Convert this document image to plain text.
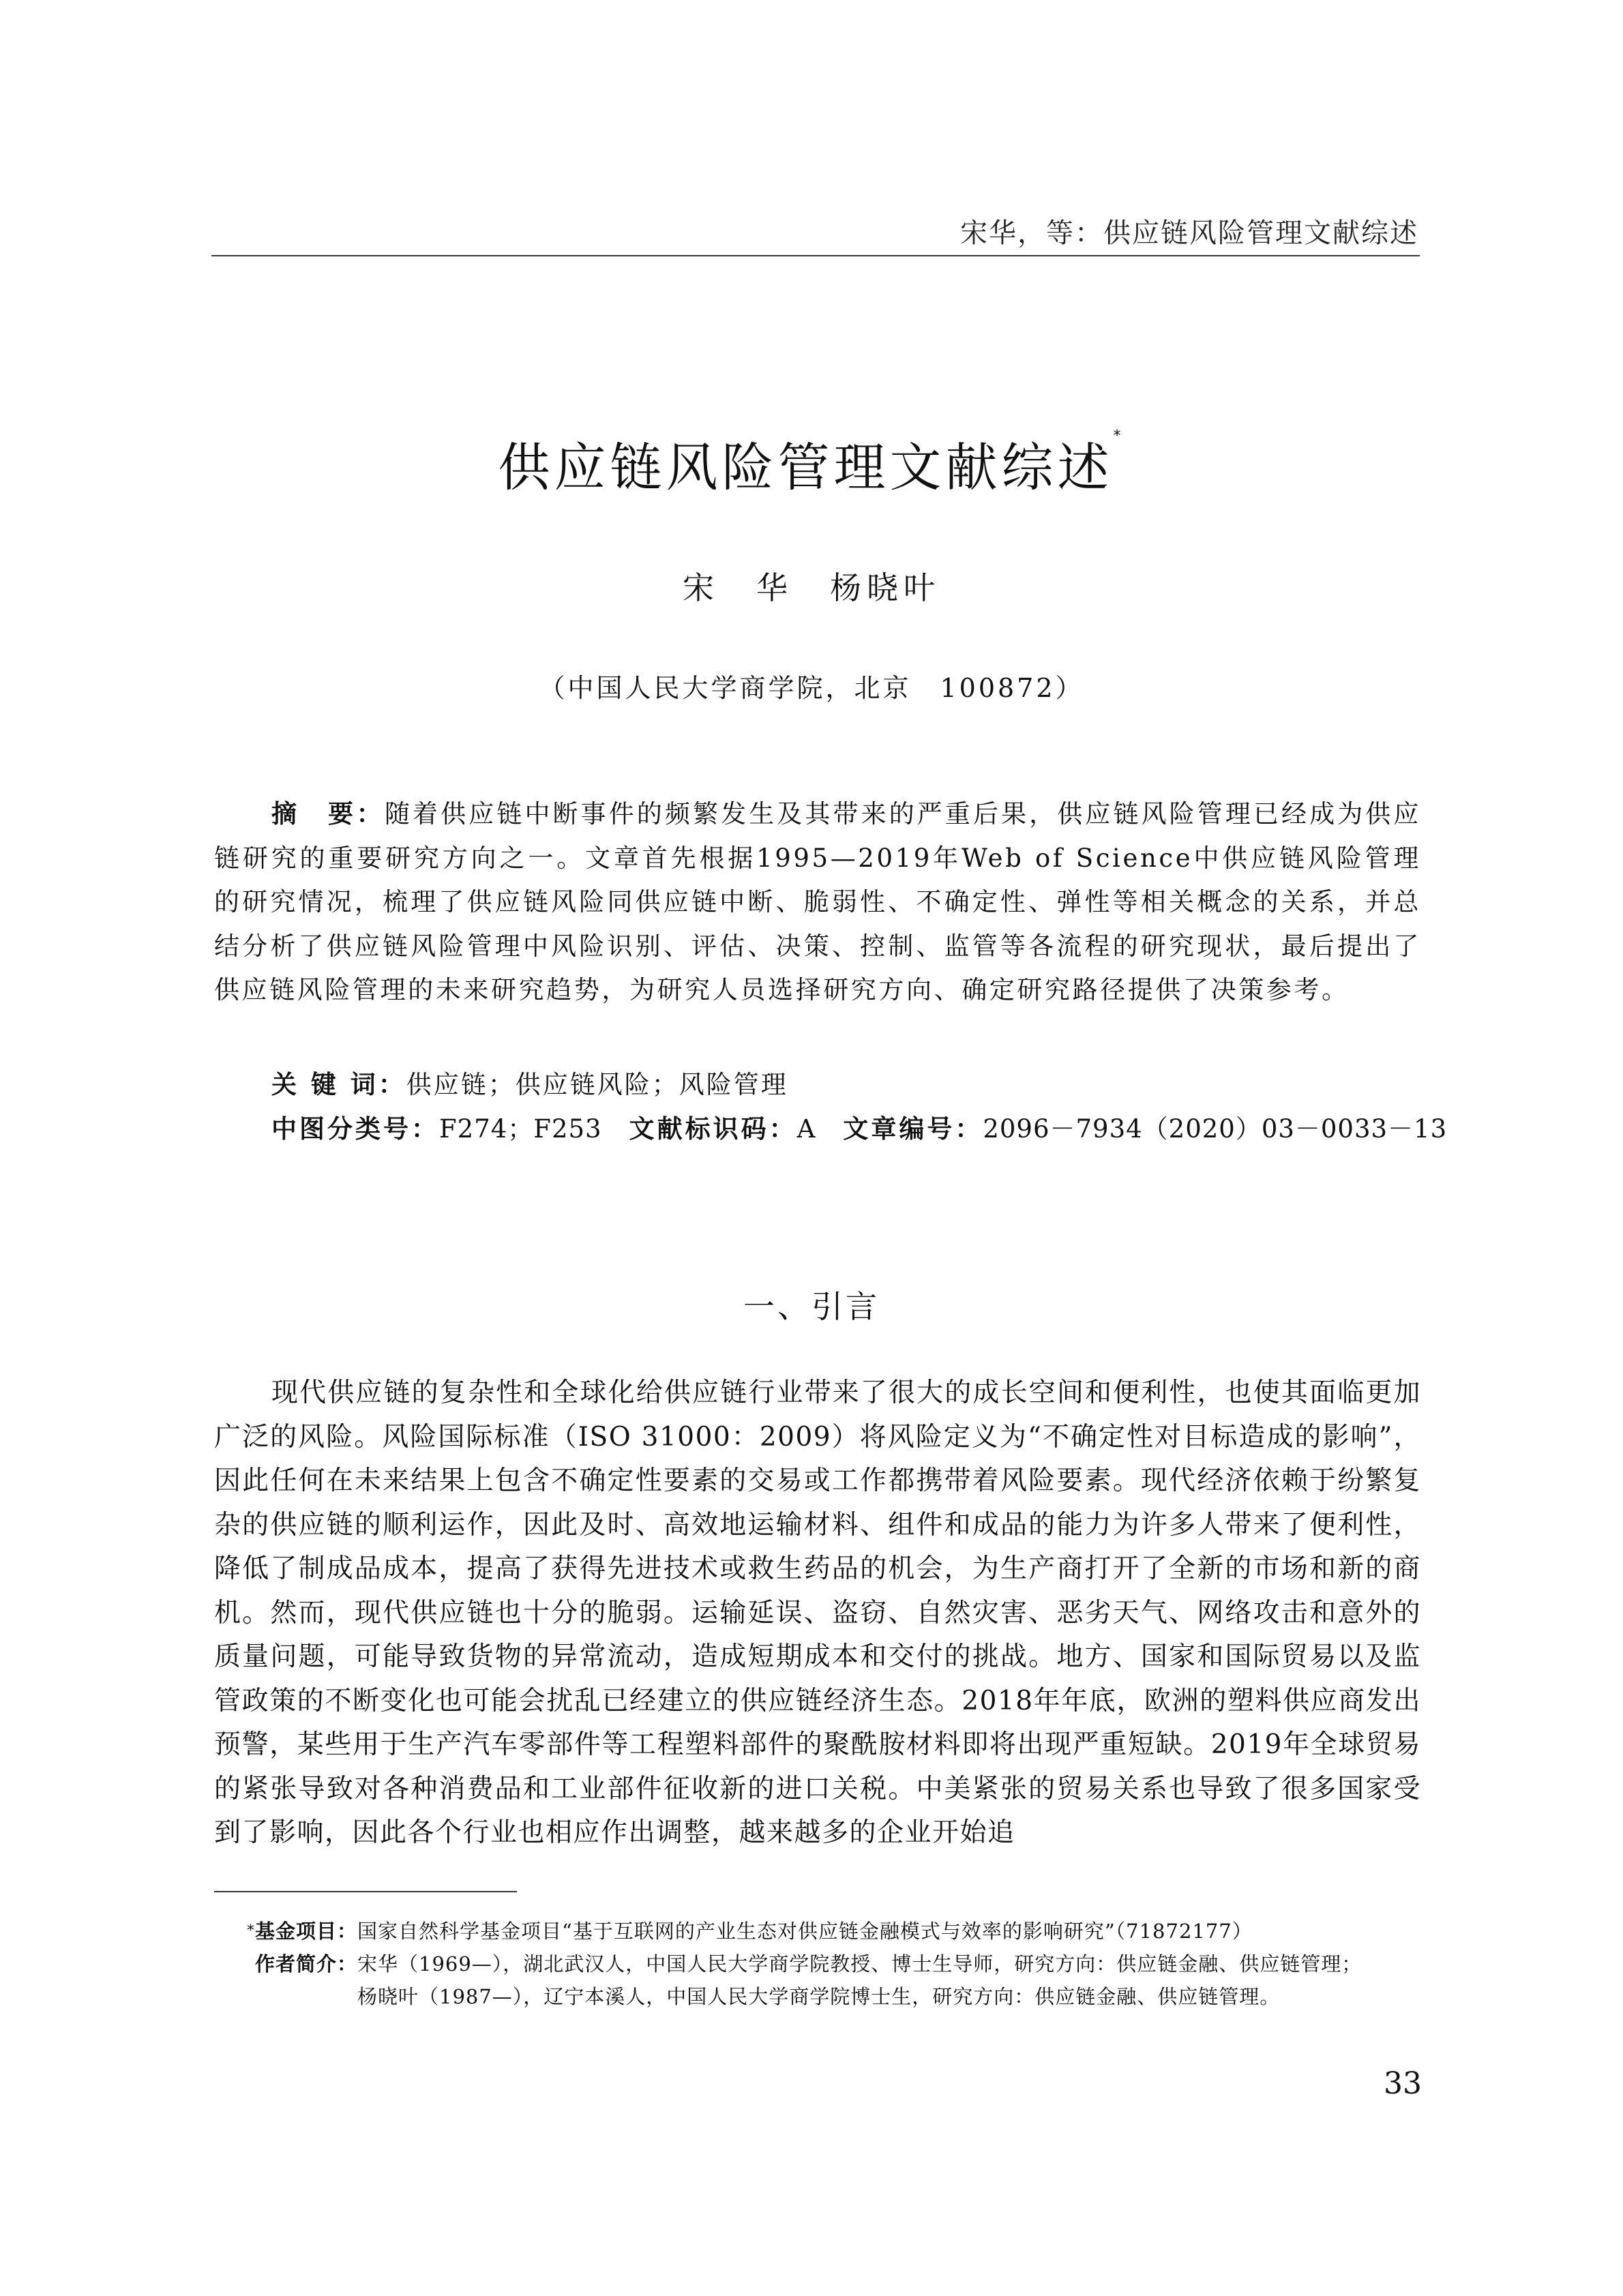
宋华，等：供应链风险管理文献综述
供应链风险管理文献综述*
宋　华　杨晓叶
（中国人民大学商学院，北京　100872）
摘　要：随着供应链中断事件的频繁发生及其带来的严重后果，供应链风险管理已经成为供应链研究的重要研究方向之一。文章首先根据1995—2019年Web of Science中供应链风险管理的研究情况，梳理了供应链风险同供应链中断、脆弱性、不确定性、弹性等相关概念的关系，并总结分析了供应链风险管理中风险识别、评估、决策、控制、监管等各流程的研究现状，最后提出了供应链风险管理的未来研究趋势，为研究人员选择研究方向、确定研究路径提供了决策参考。
关 键 词：供应链；供应链风险；风险管理
中图分类号：F274；F253 文献标识码：A 文章编号：2096－7934（2020）03－0033－13
一、引言
现代供应链的复杂性和全球化给供应链行业带来了很大的成长空间和便利性，也使其面临更加广泛的风险。风险国际标准（ISO 31000：2009）将风险定义为“不确定性对目标造成的影响”，因此任何在未来结果上包含不确定性要素的交易或工作都携带着风险要素。现代经济依赖于纷繁复杂的供应链的顺利运作，因此及时、高效地运输材料、组件和成品的能力为许多人带来了便利性，降低了制成品成本，提高了获得先进技术或救生药品的机会，为生产商打开了全新的市场和新的商机。然而，现代供应链也十分的脆弱。运输延误、盗窃、自然灾害、恶劣天气、网络攻击和意外的质量问题，可能导致货物的异常流动，造成短期成本和交付的挑战。地方、国家和国际贸易以及监管政策的不断变化也可能会扰乱已经建立的供应链经济生态。2018年年底，欧洲的塑料供应商发出预警，某些用于生产汽车零部件等工程塑料部件的聚酰胺材料即将出现严重短缺。2019年全球贸易的紧张导致对各种消费品和工业部件征收新的进口关税。中美紧张的贸易关系也导致了很多国家受到了影响，因此各个行业也相应作出调整，越来越多的企业开始追
*基金项目： 国家自然科学基金项目“基于互联网的产业生态对供应链金融模式与效率的影响研究”（71872177）
作者简介： 宋华（1969—），湖北武汉人，中国人民大学商学院教授、博士生导师，研究方向：供应链金融、供应链管理；
杨晓叶（1987—），辽宁本溪人，中国人民大学商学院博士生，研究方向：供应链金融、供应链管理。
33
